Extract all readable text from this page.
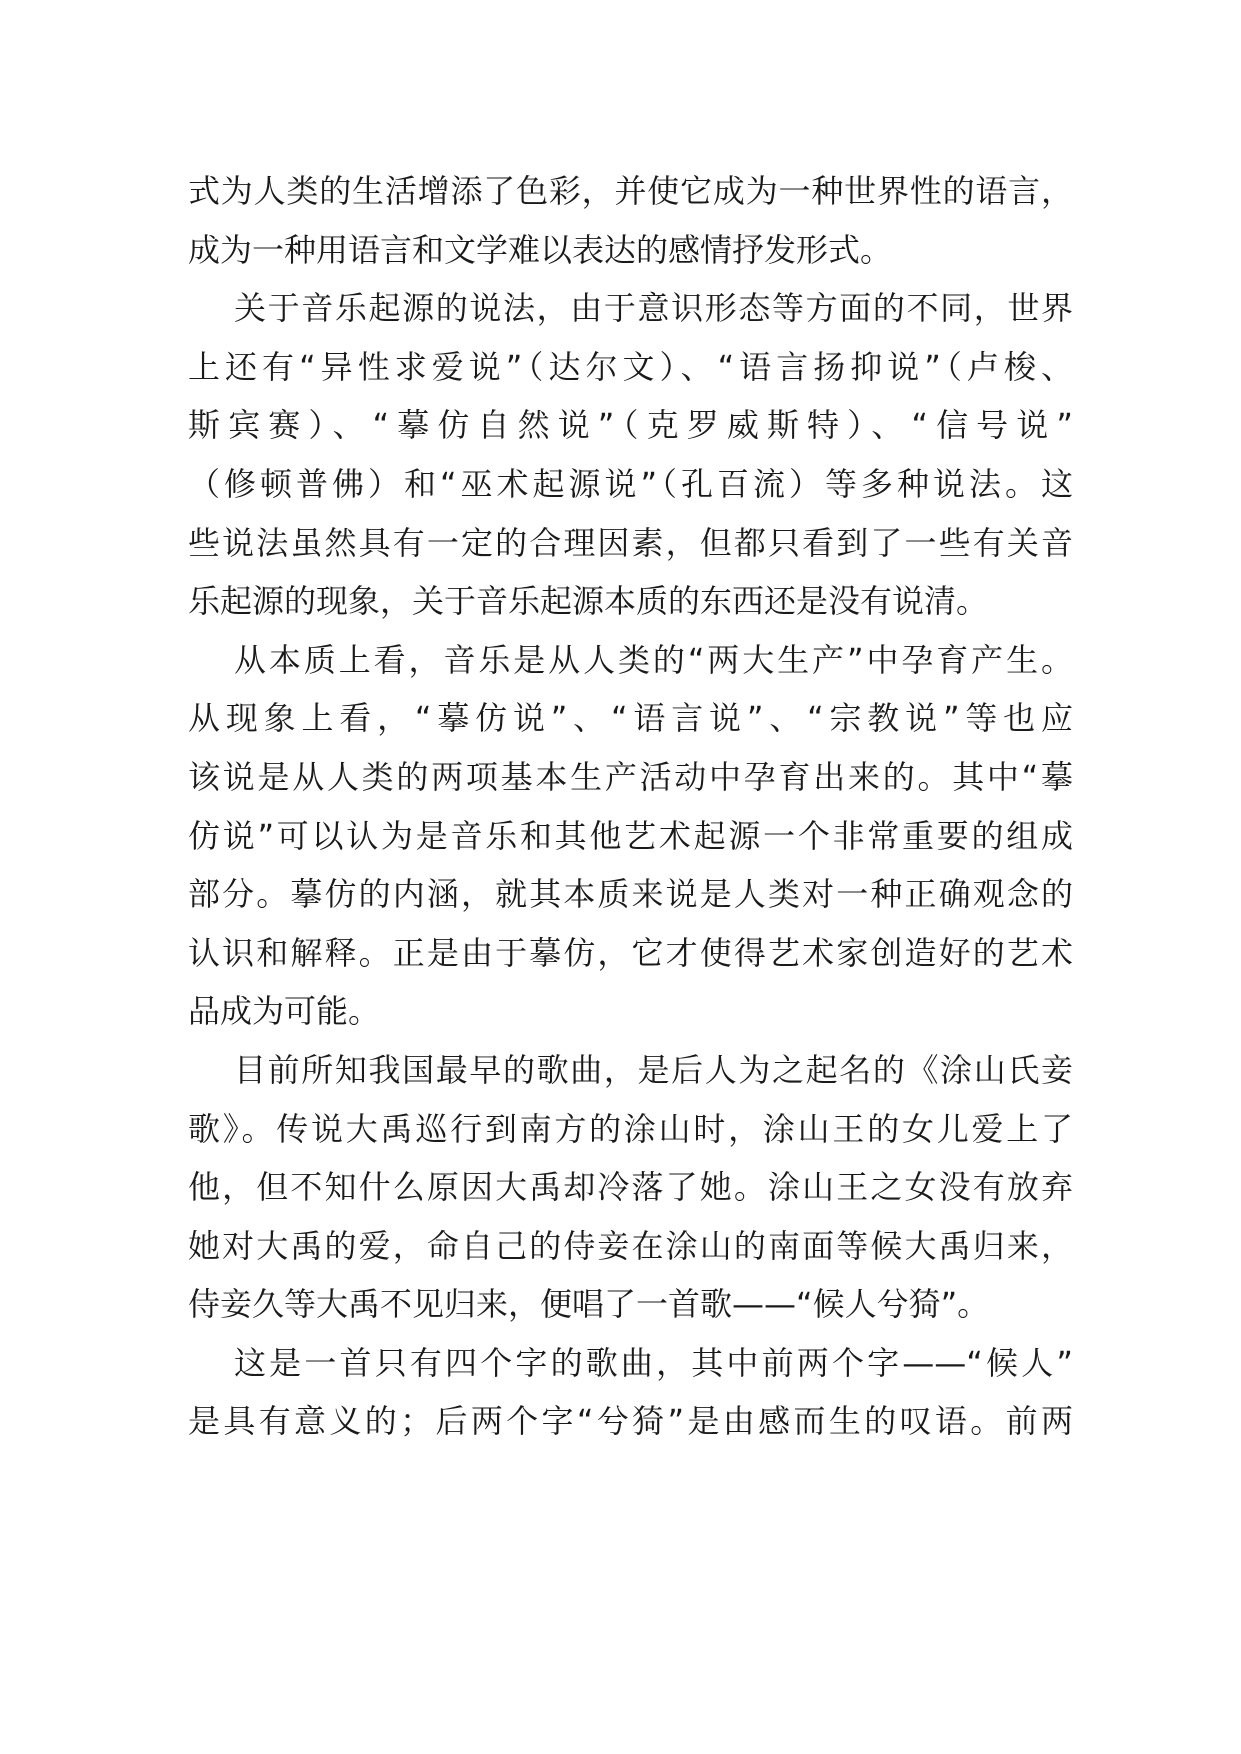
式为人类的生活增添了色彩，并使它成为一种世界性的语言，
成为一种用语言和文学难以表达的感情抒发形式。
关于音乐起源的说法，由于意识形态等方面的不同，世界
上还有“异性求爱说”（达尔文）、“语言扬抑说”（卢梭、
斯宾赛）、“摹仿自然说”（克罗威斯特）、“信号说”
（修顿普佛）和“巫术起源说”（孔百流）等多种说法。这
些说法虽然具有一定的合理因素，但都只看到了一些有关音
乐起源的现象，关于音乐起源本质的东西还是没有说清。
从本质上看，音乐是从人类的“两大生产”中孕育产生。
从现象上看，“摹仿说”、“语言说”、“宗教说”等也应
该说是从人类的两项基本生产活动中孕育出来的。其中“摹
仿说”可以认为是音乐和其他艺术起源一个非常重要的组成
部分。摹仿的内涵，就其本质来说是人类对一种正确观念的
认识和解释。正是由于摹仿，它才使得艺术家创造好的艺术
品成为可能。
目前所知我国最早的歌曲，是后人为之起名的《涂山氏妾
歌》。传说大禹巡行到南方的涂山时，涂山王的女儿爱上了
他，但不知什么原因大禹却冷落了她。涂山王之女没有放弃
她对大禹的爱，命自己的侍妾在涂山的南面等候大禹归来，
侍妾久等大禹不见归来，便唱了一首歌——“候人兮猗”。
这是一首只有四个字的歌曲，其中前两个字——“候人”
是具有意义的；后两个字“兮猗”是由感而生的叹语。前两
